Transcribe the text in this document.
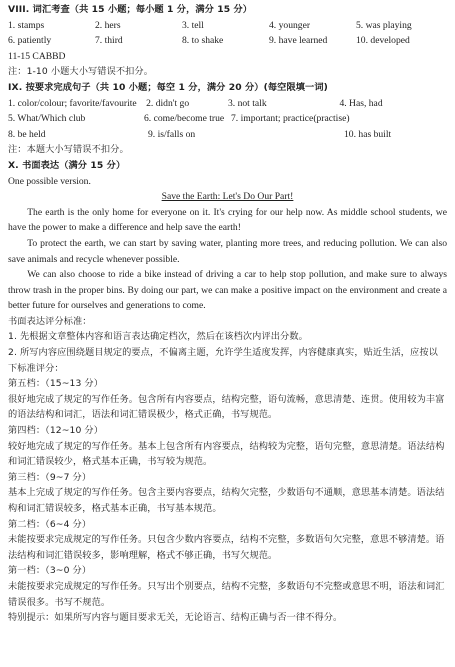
VIII. 词汇考查（共 15 小题；每小题 1 分，满分 15 分）
1. stamps	2. hers	3. tell	4. younger	5. was playing
6. patiently	7. third	8. to shake	9. have learned	10. developed
11-15 CABBD
注：1-10 小题大小写错误不扣分。
IX. 按要求完成句子（共 10 小题；每空 1 分，满分 20 分）(每空限填一词)
1. color/colour; favorite/favourite 2. didn't go	3. not talk	4. Has, had
5. What/Which club	6. come/become true 7. important; practice(practise)
8. be held	9. is/falls on	10. has built
注：本题大小写错误不扣分。
X. 书面表达（满分 15 分）
One possible version.
Save the Earth: Let's Do Our Part!
The earth is the only home for everyone on it. It's crying for our help now. As middle school students, we have the power to make a difference and help save the earth!
To protect the earth, we can start by saving water, planting more trees, and reducing pollution. We can also save animals and recycle whenever possible.
We can also choose to ride a bike instead of driving a car to help stop pollution, and make sure to always throw trash in the proper bins. By doing our part, we can make a positive impact on the environment and create a better future for ourselves and generations to come.
书面表达评分标准：
1. 先根据文章整体内容和语言表达确定档次，然后在该档次内评出分数。
2. 所写内容应围绕题目规定的要点，不偏离主题，允许学生适度发挥，内容健康真实，贴近生活，应按以下标准评分：
第五档：（15~13 分）
很好地完成了规定的写作任务。包含所有内容要点，结构完整，语句流畅，意思清楚、连贯。使用较为丰富的语法结构和词汇，语法和词汇错误极少，格式正确，书写规范。
第四档：（12~10 分）
较好地完成了规定的写作任务。基本上包含所有内容要点，结构较为完整，语句完整，意思清楚。语法结构和词汇错误较少，格式基本正确，书写较为规范。
第三档：（9~7 分）
基本上完成了规定的写作任务。包含主要内容要点，结构欠完整，少数语句不通顺，意思基本清楚。语法结构和词汇错误较多，格式基本正确，书写基本规范。
第二档：（6~4 分）
未能按要求完成规定的写作任务。只包含少数内容要点，结构不完整，多数语句欠完整，意思不够清楚。语法结构和词汇错误较多，影响理解，格式不够正确，书写欠规范。
第一档：（3~0 分）
未能按要求完成规定的写作任务。只写出个别要点，结构不完整，多数语句不完整或意思不明，语法和词汇错误很多。书写不规范。
特别提示：如果所写内容与题目要求无关，无论语言、结构正确与否一律不得分。
